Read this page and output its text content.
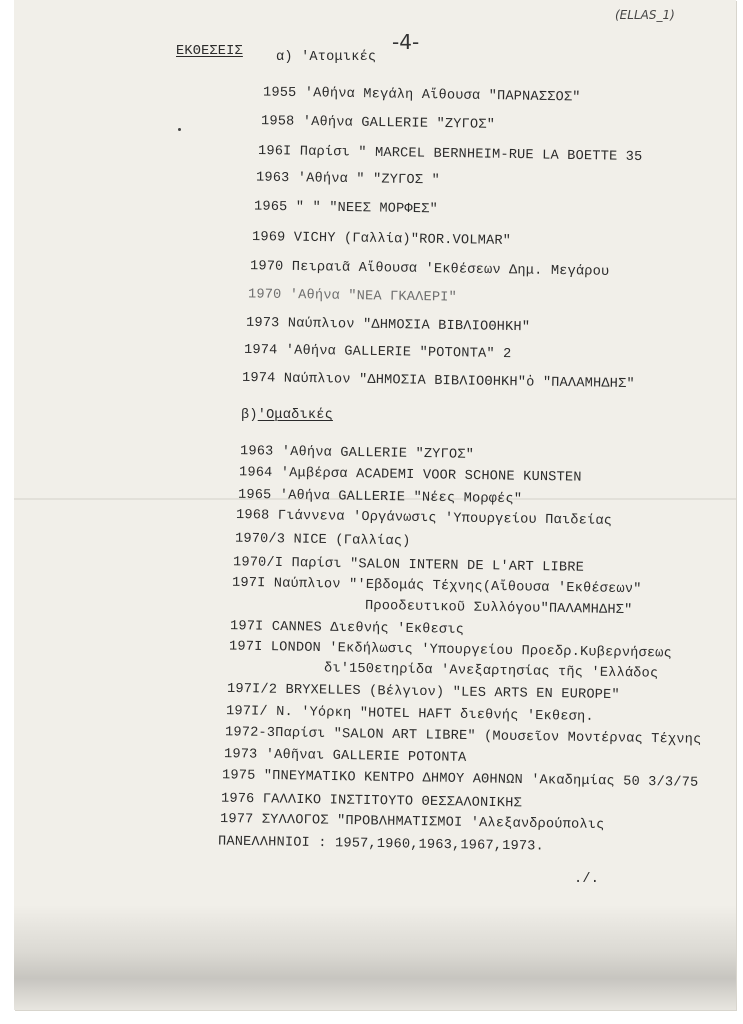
(ELLAS_1)
-4-
ΕΚΘΕΣΕΙΣ α) 'Ατομικές
1955 'Αθήνα Μεγάλη Αἴθουσα "ΠΑΡΝΑΣΣΟΣ"
1958 'Αθήνα GALLERIE "ΖΥΓΟΣ"
196I Παρίσι " MARCEL BERNHEIM-RUE LA BOETTE 35
1963 'Αθήνα " "ΖΥΓΟΣ "
1965 " " "ΝΕΕΣ ΜΟΡΦΕΣ"
1969 VICHY (Γαλλία)"ROR.VOLMAR"
1970 Πειραιᾶ Αἴθουσα 'Εκθέσεων Δημ. Μεγάρου
1970 'Αθήνα "ΝΕΑ ΓΚΑΛΕΡΙ"
1973 Ναύπλιον "ΔΗΜΟΣΙΑ ΒΙΒΛΙΟΘΗΚΗ"
1974 'Αθήνα GALLERIE "ΡΟΤΟΝΤΑ" 2
1974 Ναύπλιον "ΔΗΜΟΣΙΑ ΒΙΒΛΙΟΘΗΚΗ"ὁ "ΠΑΛΑΜΗΔΗΣ"
β)'Ομαδικές
1963 'Αθήνα GALLERIE "ΖΥΓΟΣ"
1964 'Αμβέρσα ACADEMI VOOR SCHONE KUNSTEN
1965 'Αθήνα GALLERIE "Νέες Μορφές"
1968 Γιάννενα 'Οργάνωσις 'Υπουργείου Παιδείας
1970/3 NICE (Γαλλίας)
1970/I Παρίσι "SALON INTERN DE L'ART LIBRE
197I Ναύπλιον "'Εβδομάς Τέχνης(Αἴθουσα 'Εκθέσεων"
Προοδευτικοῦ Συλλόγου"ΠΑΛΑΜΗΔΗΣ"
197I CANNES Διεθνής 'Εκθεσις
197I LONDON 'Εκδήλωσις 'Υπουργείου Προεδρ.Κυβερνήσεως
δι'150ετηρίδα 'Ανεξαρτησίας τῆς 'Ελλάδος
197I/2 BRYXELLES (Βέλγιον) "LES ARTS EN EUROPE"
197I/ N. 'Υόρκη "HOTEL HAFT διεθνής 'Εκθεση.
1972-3Παρίσι "SALON ART LIBRE" (Μουσεῖον Μοντέρνας Τέχνης
1973 'Αθῆναι GALLERIE ΡΟΤΟΝΤΑ
1975 "ΠΝΕΥΜΑΤΙΚΟ ΚΕΝΤΡΟ ΔΗΜΟΥ ΑΘΗΝΩΝ 'Ακαδημίας 50 3/3/75
1976 ΓΑΛΛΙΚΟ ΙΝΣΤΙΤΟΥΤΟ ΘΕΣΣΑΛΟΝΙΚΗΣ
1977 ΣΥΛΛΟΓΟΣ "ΠΡΟΒΛΗΜΑΤΙΣΜΟΙ 'Αλεξανδρούπολις
ΠΑΝΕΛΛΗΝΙΟΙ : 1957,1960,1963,1967,1973.
./.
